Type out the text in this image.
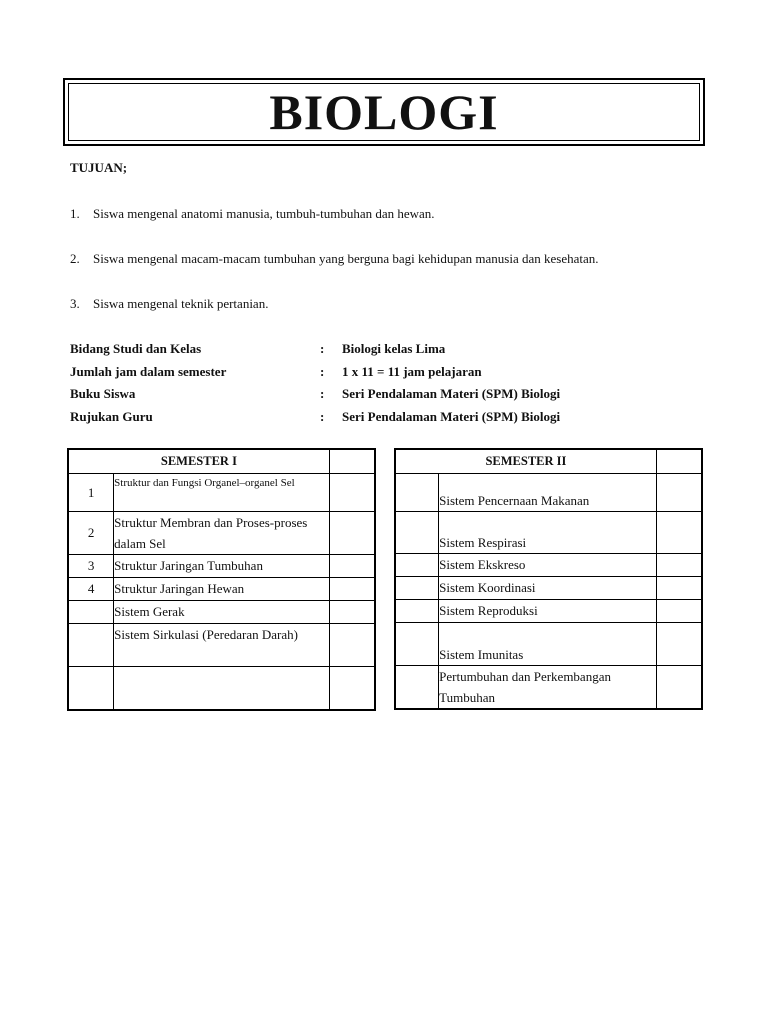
BIOLOGI
TUJUAN;
1. Siswa mengenal anatomi manusia, tumbuh-tumbuhan dan hewan.
2. Siswa mengenal macam-macam tumbuhan yang berguna bagi kehidupan manusia dan kesehatan.
3. Siswa mengenal teknik pertanian.
Bidang Studi dan Kelas	: Biologi kelas Lima
Jumlah jam dalam semester	: 1 x 11 = 11 jam pelajaran
Buku Siswa	: Seri Pendalaman Materi (SPM) Biologi
Rujukan Guru	: Seri Pendalaman Materi (SPM) Biologi
SEMESTER I		
1	Struktur dan Fungsi Organel–organel Sel	
2	Struktur Membran dan Proses-proses dalam Sel	
3	Struktur Jaringan Tumbuhan	
4	Struktur Jaringan Hewan	
	Sistem Gerak	
	Sistem Sirkulasi (Peredaran Darah)	

SEMESTER II		
	Sistem Pencernaan Makanan	
	Sistem Respirasi	
	Sistem Ekskreso	
	Sistem Koordinasi	
	Sistem Reproduksi	
	Sistem Imunitas	
	Pertumbuhan dan Perkembangan Tumbuhan	
